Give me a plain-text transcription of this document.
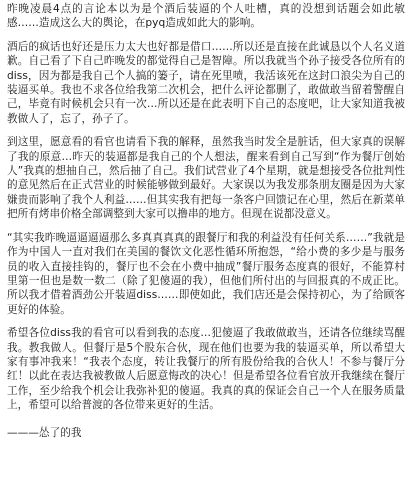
昨晚凌晨4点的言论本以为是个酒后装逼的个人吐槽，真的没想到话题会如此敏感……造成这么大的舆论，在pyq造成如此大的影响。

酒后的疯话也好还是压力太大也好都是借口……所以还是直接在此诚恳以个人名义道歉。自己看了下自己昨晚发的都觉得自己是智障。所以我就当个孙子接受各位所有的diss，因为都是我自己个人搞的篓子，请在死里喷，我活该死在这封口浪尖为自己的装逼买单。我也不求各位给我第二次机会，把什么评论都删了，敢做敢当留着警醒自己，毕竟有时候机会只有一次…所以还是在此表明下自己的态度吧，让大家知道我被教做人了，忘了，孙子了。

到这里，愿意看的看官也请看下我的解释，虽然我当时发全是脏话，但大家真的误解了我的原意…昨天的装逼都是我自己的个人想法，醒来看到自己写到“作为餐厅创始人”我真的想抽自己，然后抽了自己。我们试营业了4个星期，就是想接受各位批判性的意见然后在正式营业的时候能够做到最好。大家误以为我发那条朋友圈是因为大家嫌贵而影响了我个人利益……但其实我有把每一条客户回馈记在心里，然后在新菜单把所有烤串价格全部调整到大家可以撸串的地方。但现在说都没意义。

“其实我昨晚逼逼逼逼那么多真真真真的跟餐厅和我的利益没有任何关系……”我就是作为中国人一直对我们在美国的餐饮文化恶性循环所抱怨，“给小费的多少是与服务员的收入直接挂钩的，餐厅也不会在小费中抽成”餐厅服务态度真的很好，不能算村里第一但也是数一数二（除了犯傻逼的我），但他们所付出的与回报真的不成正比。所以我才借着酒劲公开装逼diss……即使如此，我们店还是会保持初心，为了给顾客更好的体验。

希望各位diss我的看官可以看到我的态度…犯傻逼了我敢做敢当，还请各位继续骂醒我。教我做人。但餐厅是5个股东合伙，现在他们也要为我的装逼买单，所以希望大家有事冲我来！“我表个态度，转让我餐厅的所有股份给我的合伙人！不参与餐厅分红！以此在表达我被教做人后愿意悔改的决心！但是希望各位看官放开我继续在餐厅工作，至少给我个机会让我弥补犯的傻逼。我真的真的保证会自己一个人在服务质量上，希望可以给普渡的各位带来更好的生活。

———怂了的我
